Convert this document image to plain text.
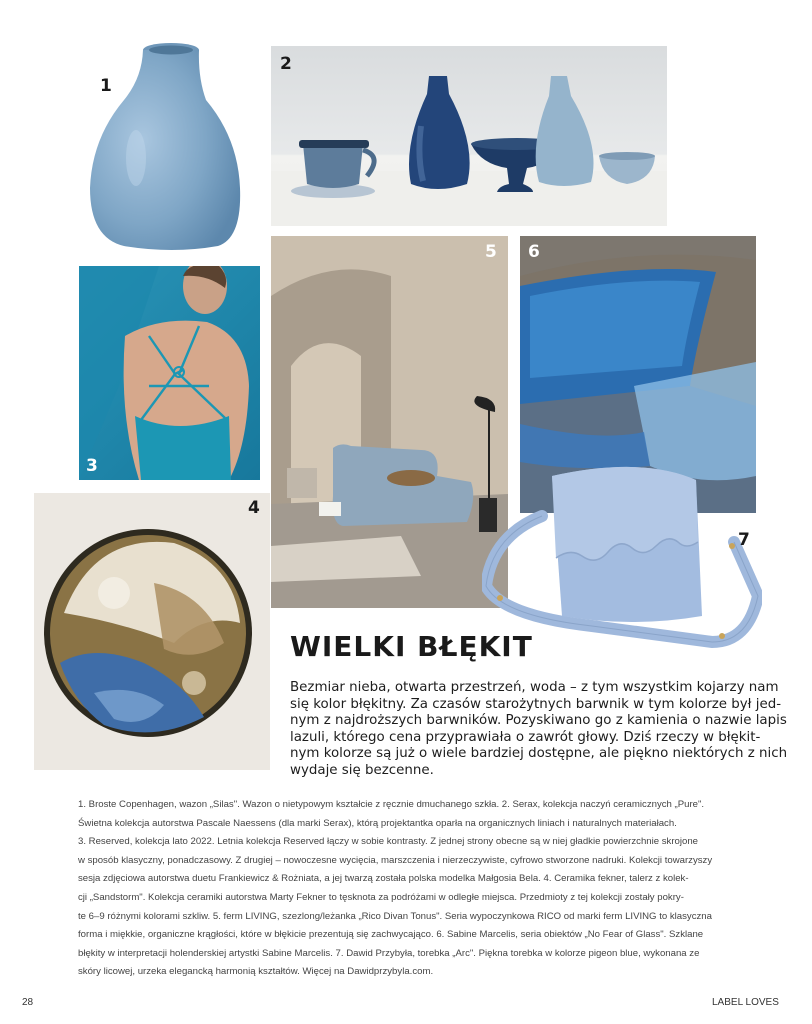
1
2
3
5 6
4
7
WIELKI BŁĘKIT
Bezmiar nieba, otwarta przestrzeń, woda – z tym wszystkim kojarzy nam
się kolor błękitny. Za czasów starożytnych barwnik w tym kolorze był jed-
nym z najdroższych barwników. Pozyskiwano go z kamienia o nazwie lapis
lazuli, którego cena przyprawiała o zawrót głowy. Dziś rzeczy w błękit-
nym kolorze są już o wiele bardziej dostępne, ale piękno niektórych z nich
wydaje się bezcenne.
1. Broste Copenhagen, wazon „Silas". Wazon o nietypowym kształcie z ręcznie dmuchanego szkła. 2. Serax, kolekcja naczyń ceramicznych „Pure".
Świetna kolekcja autorstwa Pascale Naessens (dla marki Serax), którą projektantka oparła na organicznych liniach i naturalnych materiałach.
3. Reserved, kolekcja lato 2022. Letnia kolekcja Reserved łączy w sobie kontrasty. Z jednej strony obecne są w niej gładkie powierzchnie skrojone
w sposób klasyczny, ponadczasowy. Z drugiej – nowoczesne wycięcia, marszczenia i nierzeczywiste, cyfrowo stworzone nadruki. Kolekcji towarzyszy
sesja zdjęciowa autorstwa duetu Frankiewicz & Rożniata, a jej twarzą została polska modelka Małgosia Bela. 4. Ceramika fekner, talerz z kolek-
cji „Sandstorm". Kolekcja ceramiki autorstwa Marty Fekner to tęsknota za podróżami w odległe miejsca. Przedmioty z tej kolekcji zostały pokry-
te 6–9 różnymi kolorami szkliw. 5. ferm LIVING, szezlong/leżanka „Rico Divan Tonus". Seria wypoczynkowa RICO od marki ferm LIVING to klasyczna
forma i miękkie, organiczne krągłości, które w błękicie prezentują się zachwycająco. 6. Sabine Marcelis, seria obiektów „No Fear of Glass". Szklane
błękity w interpretacji holenderskiej artystki Sabine Marcelis. 7. Dawid Przybyła, torebka „Arc". Piękna torebka w kolorze pigeon blue, wykonana ze
skóry licowej, urzeka elegancką harmonią kształtów. Więcej na Dawidprzybyla.com.
28	LABEL LOVES
